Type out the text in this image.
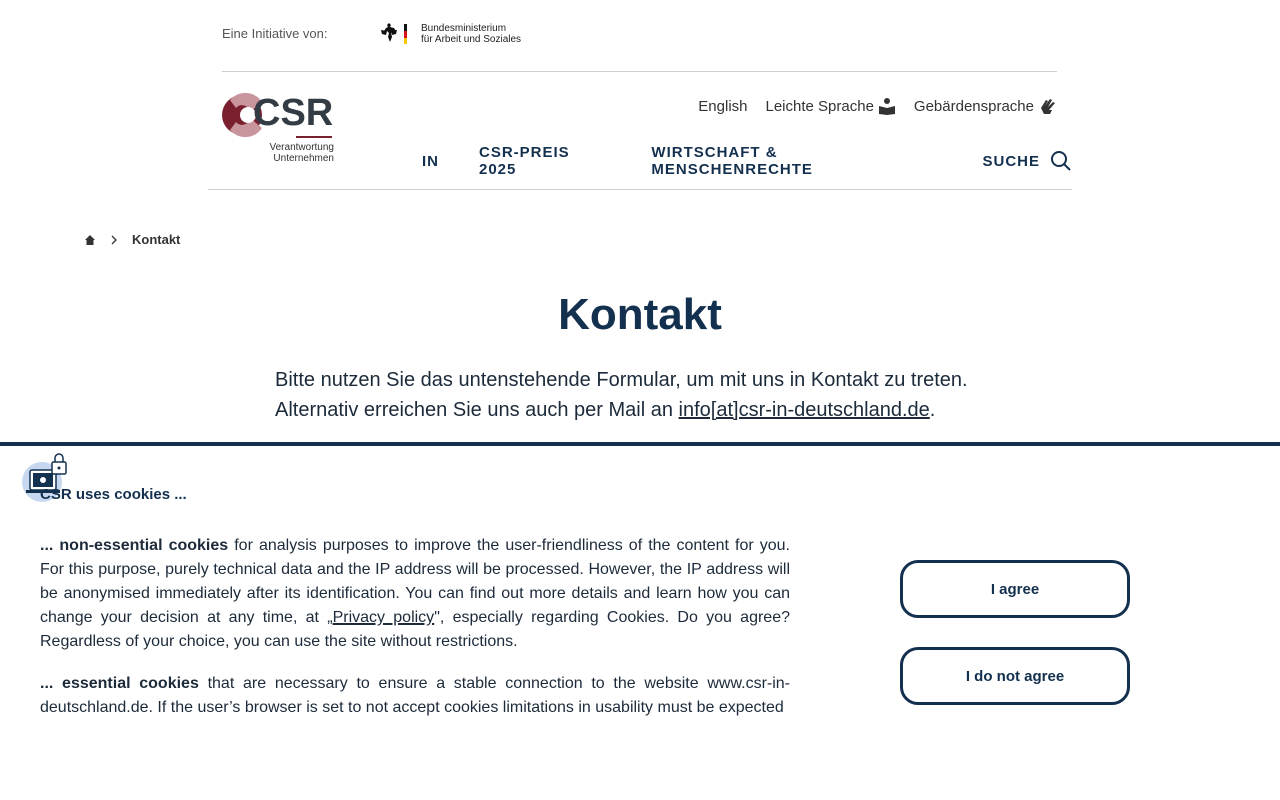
Eine Initiative von:	Bundesministerium
für Arbeit und Soziales
CSR
Verantwortung
Unternehmen
English Leichte Sprache	Gebärdensprache
IN	CSR-PREIS 2025
WIRTSCHAFT & MENSCHENRECHTE	SUCHE
Kontakt
Kontakt
Bitte nutzen Sie das untenstehende Formular, um mit uns in Kontakt zu treten.
Alternativ erreichen Sie uns auch per Mail an info[at]csr-in-deutschland.de.
CSR uses cookies ...

... non-essential cookies for analysis purposes to improve the user-friendliness of the content for you. For this purpose, purely technical data and the IP address will be processed. However, the IP address will be anonymised immediately after its identification. You can find out more details and learn how you can change your decision at any time, at „Privacy policy", especially regarding Cookies. Do you agree? Regardless of your choice, you can use the site without restrictions.

... essential cookies that are necessary to ensure a stable connection to the website www.csr-in-deutschland.de. If the user’s browser is set to not accept cookies limitations in usability must be expected

I agree
I do not agree
